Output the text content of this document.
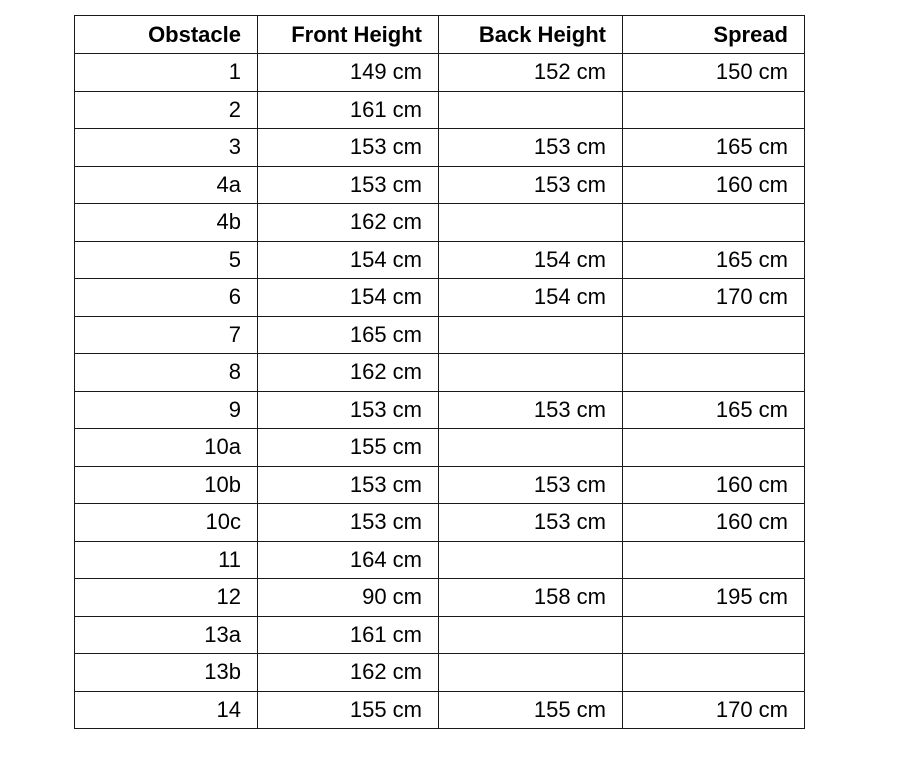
Obstacle	Front Height	Back Height	Spread
1	149 cm	152 cm	150 cm
2	161 cm		
3	153 cm	153 cm	165 cm
4a	153 cm	153 cm	160 cm
4b	162 cm		
5	154 cm	154 cm	165 cm
6	154 cm	154 cm	170 cm
7	165 cm		
8	162 cm		
9	153 cm	153 cm	165 cm
10a	155 cm		
10b	153 cm	153 cm	160 cm
10c	153 cm	153 cm	160 cm
11	164 cm		
12	90 cm	158 cm	195 cm
13a	161 cm		
13b	162 cm		
14	155 cm	155 cm	170 cm
